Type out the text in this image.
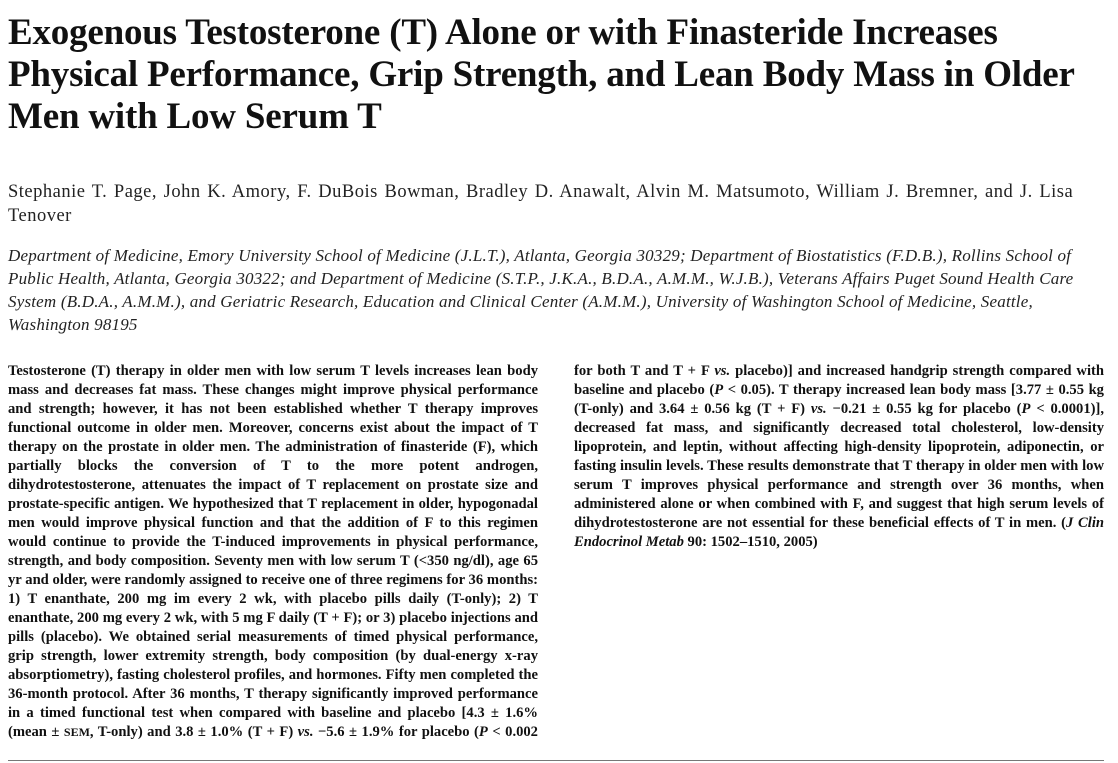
Exogenous Testosterone (T) Alone or with Finasteride Increases Physical Performance, Grip Strength, and Lean Body Mass in Older Men with Low Serum T

Stephanie T. Page, John K. Amory, F. DuBois Bowman, Bradley D. Anawalt, Alvin M. Matsumoto, William J. Bremner, and J. Lisa Tenover

Department of Medicine, Emory University School of Medicine (J.L.T.), Atlanta, Georgia 30329; Department of Biostatistics (F.D.B.), Rollins School of Public Health, Atlanta, Georgia 30322; and Department of Medicine (S.T.P., J.K.A., B.D.A., A.M.M., W.J.B.), Veterans Affairs Puget Sound Health Care System (B.D.A., A.M.M.), and Geriatric Research, Education and Clinical Center (A.M.M.), University of Washington School of Medicine, Seattle, Washington 98195

Testosterone (T) therapy in older men with low serum T levels increases lean body mass and decreases fat mass. These changes might improve physical performance and strength; however, it has not been established whether T therapy improves functional outcome in older men. Moreover, concerns exist about the impact of T therapy on the prostate in older men. The administration of finasteride (F), which partially blocks the conversion of T to the more potent androgen, dihydrotestosterone, attenuates the impact of T replacement on prostate size and prostate-specific antigen. We hypothesized that T replacement in older, hypogonadal men would improve physical function and that the addition of F to this regimen would continue to provide the T-induced improvements in physical performance, strength, and body composition. Seventy men with low serum T (<350 ng/dl), age 65 yr and older, were randomly assigned to receive one of three regimens for 36 months: 1) T enanthate, 200 mg im every 2 wk, with placebo pills daily (T-only); 2) T enanthate, 200 mg every 2 wk, with 5 mg F daily (T + F); or 3) placebo injections and pills (placebo). We obtained serial measurements of timed physical performance, grip strength, lower extremity strength, body composition (by dual-energy x-ray absorptiometry), fasting cholesterol profiles, and hormones. Fifty men completed the 36-month protocol. After 36 months, T therapy significantly improved performance in a timed functional test when compared with baseline and placebo [4.3 ± 1.6% (mean ± SEM, T-only) and 3.8 ± 1.0% (T + F) vs. −5.6 ± 1.9% for placebo (P < 0.002 for both T and T + F vs. placebo)] and increased handgrip strength compared with baseline and placebo (P < 0.05). T therapy increased lean body mass [3.77 ± 0.55 kg (T-only) and 3.64 ± 0.56 kg (T + F) vs. −0.21 ± 0.55 kg for placebo (P < 0.0001)], decreased fat mass, and significantly decreased total cholesterol, low-density lipoprotein, and leptin, without affecting high-density lipoprotein, adiponectin, or fasting insulin levels. These results demonstrate that T therapy in older men with low serum T improves physical performance and strength over 36 months, when administered alone or when combined with F, and suggest that high serum levels of dihydrotestosterone are not essential for these beneficial effects of T in men. (J Clin Endocrinol Metab 90: 1502–1510, 2005)
